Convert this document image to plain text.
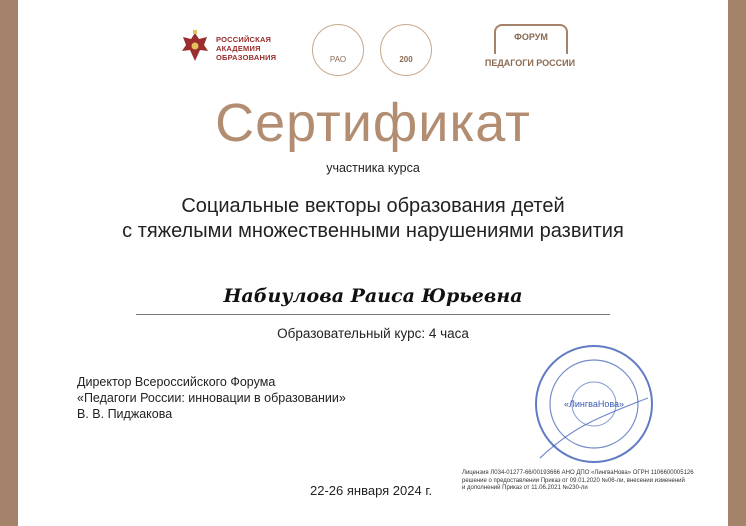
РОССИЙСКАЯ
АКАДЕМИЯ
ОБРАЗОВАНИЯ	РАО	200
ФОРУМ
ПЕДАГОГИ РОССИИ
Сертификат
участника курса
Социальные векторы образования детей
с тяжелыми множественными нарушениями развития
Набиулова Раиса Юрьевна
Образовательный курс: 4 часа
Директор Всероссийского Форума
«Педагоги России: инновации в образовании»
В. В. Пиджакова
«ЛингваНова»
Лицензия Л034-01277-66/00193666 АНО ДПО «ЛингваНова» ОГРН 1106600005126
решение о предоставлении Приказ от 09.01.2020 №06-ли, внесении изменений
и дополнений Приказ от 11.06.2021 №230-ли
22-26 января 2024 г.
